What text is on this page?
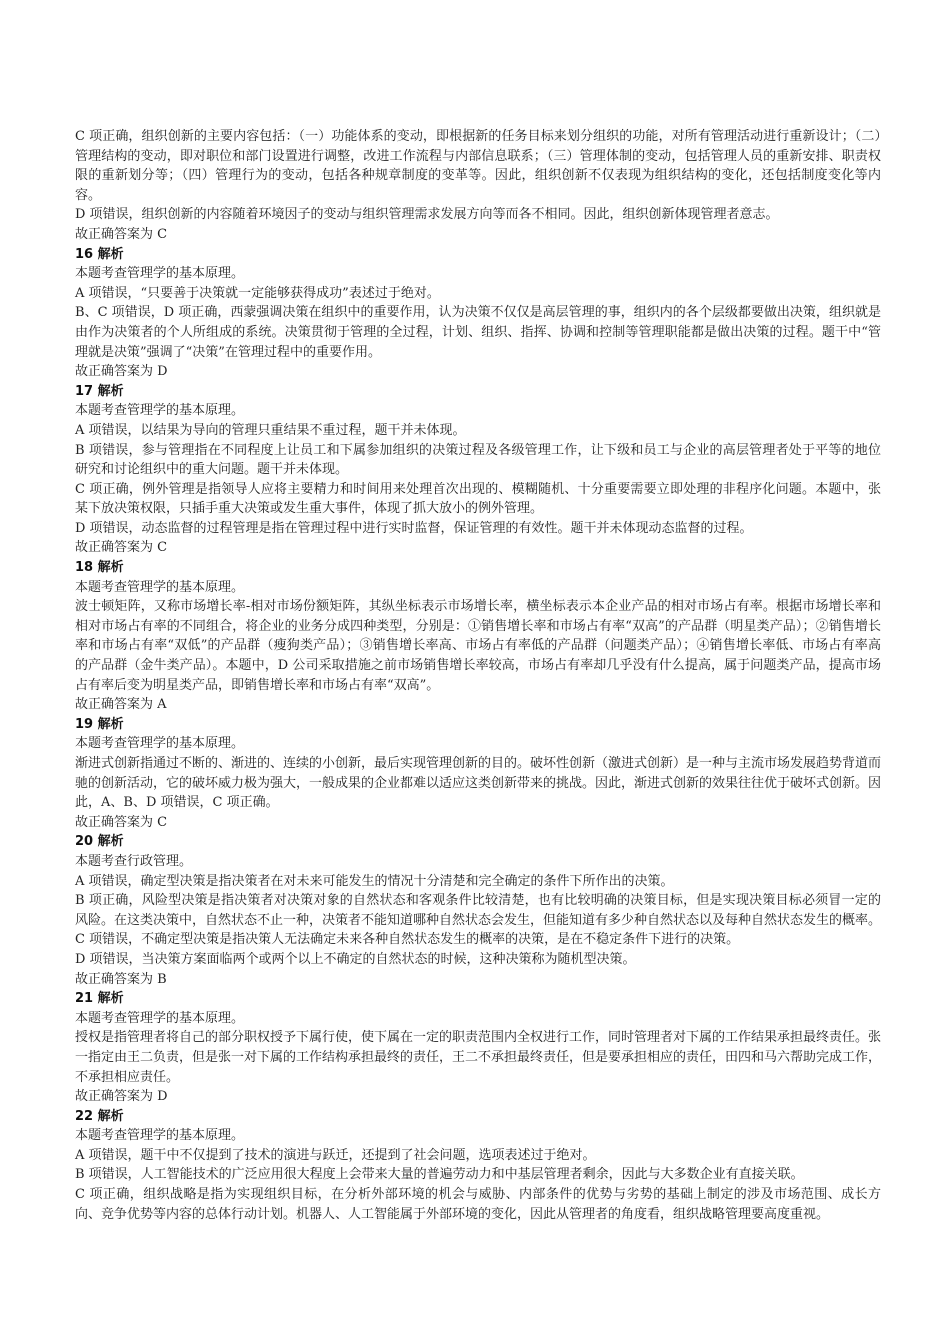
C 项正确，组织创新的主要内容包括：（一）功能体系的变动，即根据新的任务目标来划分组织的功能，对所有管理活动进行重新设计；（二）管理结构的变动，即对职位和部门设置进行调整，改进工作流程与内部信息联系；（三）管理体制的变动，包括管理人员的重新安排、职责权限的重新划分等；（四）管理行为的变动，包括各种规章制度的变革等。因此，组织创新不仅表现为组织结构的变化，还包括制度变化等内容。

D 项错误，组织创新的内容随着环境因子的变动与组织管理需求发展方向等而各不相同。因此，组织创新体现管理者意志。

故正确答案为 C

16 解析

本题考查管理学的基本原理。

A 项错误，“只要善于决策就一定能够获得成功”表述过于绝对。

B、C 项错误，D 项正确，西蒙强调决策在组织中的重要作用，认为决策不仅仅是高层管理的事，组织内的各个层级都要做出决策，组织就是由作为决策者的个人所组成的系统。决策贯彻于管理的全过程，计划、组织、指挥、协调和控制等管理职能都是做出决策的过程。题干中“管理就是决策”强调了“决策”在管理过程中的重要作用。

故正确答案为 D

17 解析

本题考查管理学的基本原理。

A 项错误，以结果为导向的管理只重结果不重过程，题干并未体现。

B 项错误，参与管理指在不同程度上让员工和下属参加组织的决策过程及各级管理工作，让下级和员工与企业的高层管理者处于平等的地位研究和讨论组织中的重大问题。题干并未体现。

C 项正确，例外管理是指领导人应将主要精力和时间用来处理首次出现的、模糊随机、十分重要需要立即处理的非程序化问题。本题中，张某下放决策权限，只插手重大决策或发生重大事件，体现了抓大放小的例外管理。

D 项错误，动态监督的过程管理是指在管理过程中进行实时监督，保证管理的有效性。题干并未体现动态监督的过程。

故正确答案为 C

18 解析

本题考查管理学的基本原理。

波士顿矩阵，又称市场增长率-相对市场份额矩阵，其纵坐标表示市场增长率，横坐标表示本企业产品的相对市场占有率。根据市场增长率和相对市场占有率的不同组合，将企业的业务分成四种类型，分别是：①销售增长率和市场占有率“双高”的产品群（明星类产品）；②销售增长率和市场占有率“双低”的产品群（瘦狗类产品）；③销售增长率高、市场占有率低的产品群（问题类产品）；④销售增长率低、市场占有率高的产品群（金牛类产品）。本题中，D 公司采取措施之前市场销售增长率较高，市场占有率却几乎没有什么提高，属于问题类产品，提高市场占有率后变为明星类产品，即销售增长率和市场占有率“双高”。

故正确答案为 A

19 解析

本题考查管理学的基本原理。

渐进式创新指通过不断的、渐进的、连续的小创新，最后实现管理创新的目的。破坏性创新（激进式创新）是一种与主流市场发展趋势背道而驰的创新活动，它的破坏威力极为强大，一般成果的企业都难以适应这类创新带来的挑战。因此，渐进式创新的效果往往优于破坏式创新。因此，A、B、D 项错误，C 项正确。

故正确答案为 C

20 解析

本题考查行政管理。

A 项错误，确定型决策是指决策者在对未来可能发生的情况十分清楚和完全确定的条件下所作出的决策。

B 项正确，风险型决策是指决策者对决策对象的自然状态和客观条件比较清楚，也有比较明确的决策目标，但是实现决策目标必须冒一定的风险。在这类决策中，自然状态不止一种，决策者不能知道哪种自然状态会发生，但能知道有多少种自然状态以及每种自然状态发生的概率。

C 项错误，不确定型决策是指决策人无法确定未来各种自然状态发生的概率的决策，是在不稳定条件下进行的决策。

D 项错误，当决策方案面临两个或两个以上不确定的自然状态的时候，这种决策称为随机型决策。

故正确答案为 B

21 解析

本题考查管理学的基本原理。

授权是指管理者将自己的部分职权授予下属行使，使下属在一定的职责范围内全权进行工作，同时管理者对下属的工作结果承担最终责任。张一指定由王二负责，但是张一对下属的工作结构承担最终的责任，王二不承担最终责任，但是要承担相应的责任，田四和马六帮助完成工作，不承担相应责任。

故正确答案为 D

22 解析

本题考查管理学的基本原理。

A 项错误，题干中不仅提到了技术的演进与跃迁，还提到了社会问题，选项表述过于绝对。

B 项错误，人工智能技术的广泛应用很大程度上会带来大量的普遍劳动力和中基层管理者剩余，因此与大多数企业有直接关联。

C 项正确，组织战略是指为实现组织目标，在分析外部环境的机会与威胁、内部条件的优势与劣势的基础上制定的涉及市场范围、成长方向、竞争优势等内容的总体行动计划。机器人、人工智能属于外部环境的变化，因此从管理者的角度看，组织战略管理要高度重视。
